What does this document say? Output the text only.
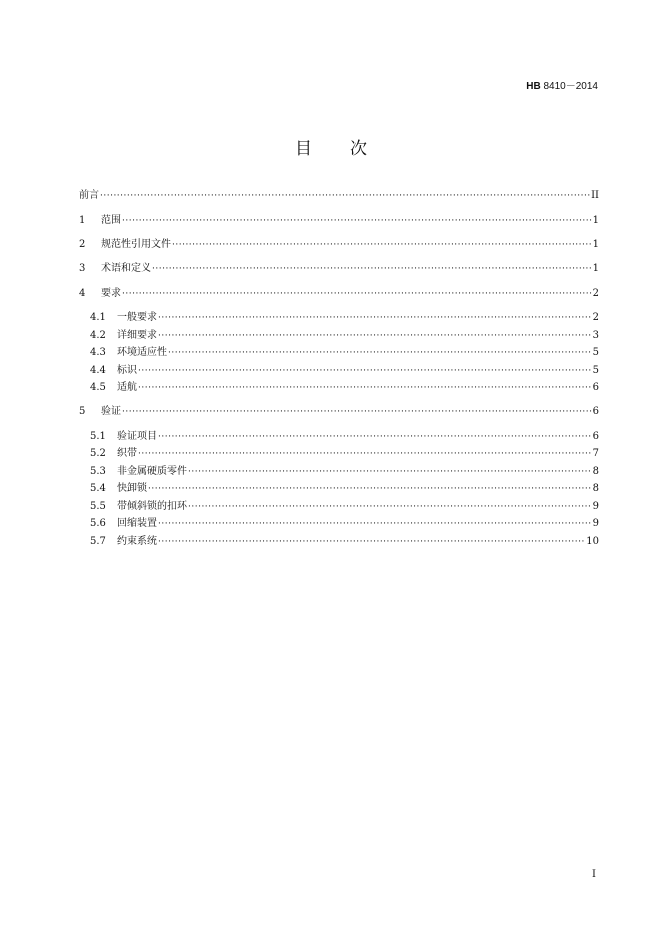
HB 8410－2014
目 次
前言 ·····	II
1	范围 ·····	1
2	规范性引用文件 ·····	1
3	术语和定义 ·····	1
4	要求 ·····	2
4.1	一般要求 ·····	2
4.2	详细要求 ·····	3
4.3	环境适应性 ·····	5
4.4	标识 ·····	5
4.5	适航 ·····	6
5	验证 ·····	6
5.1	验证项目 ·····	6
5.2	织带 ·····	7
5.3	非金属硬质零件 ·····	8
5.4	快卸锁 ·····	8
5.5	带倾斜锁的扣环 ·····	9
5.6	回缩装置 ·····	9
5.7	约束系统 ·····	10
I
